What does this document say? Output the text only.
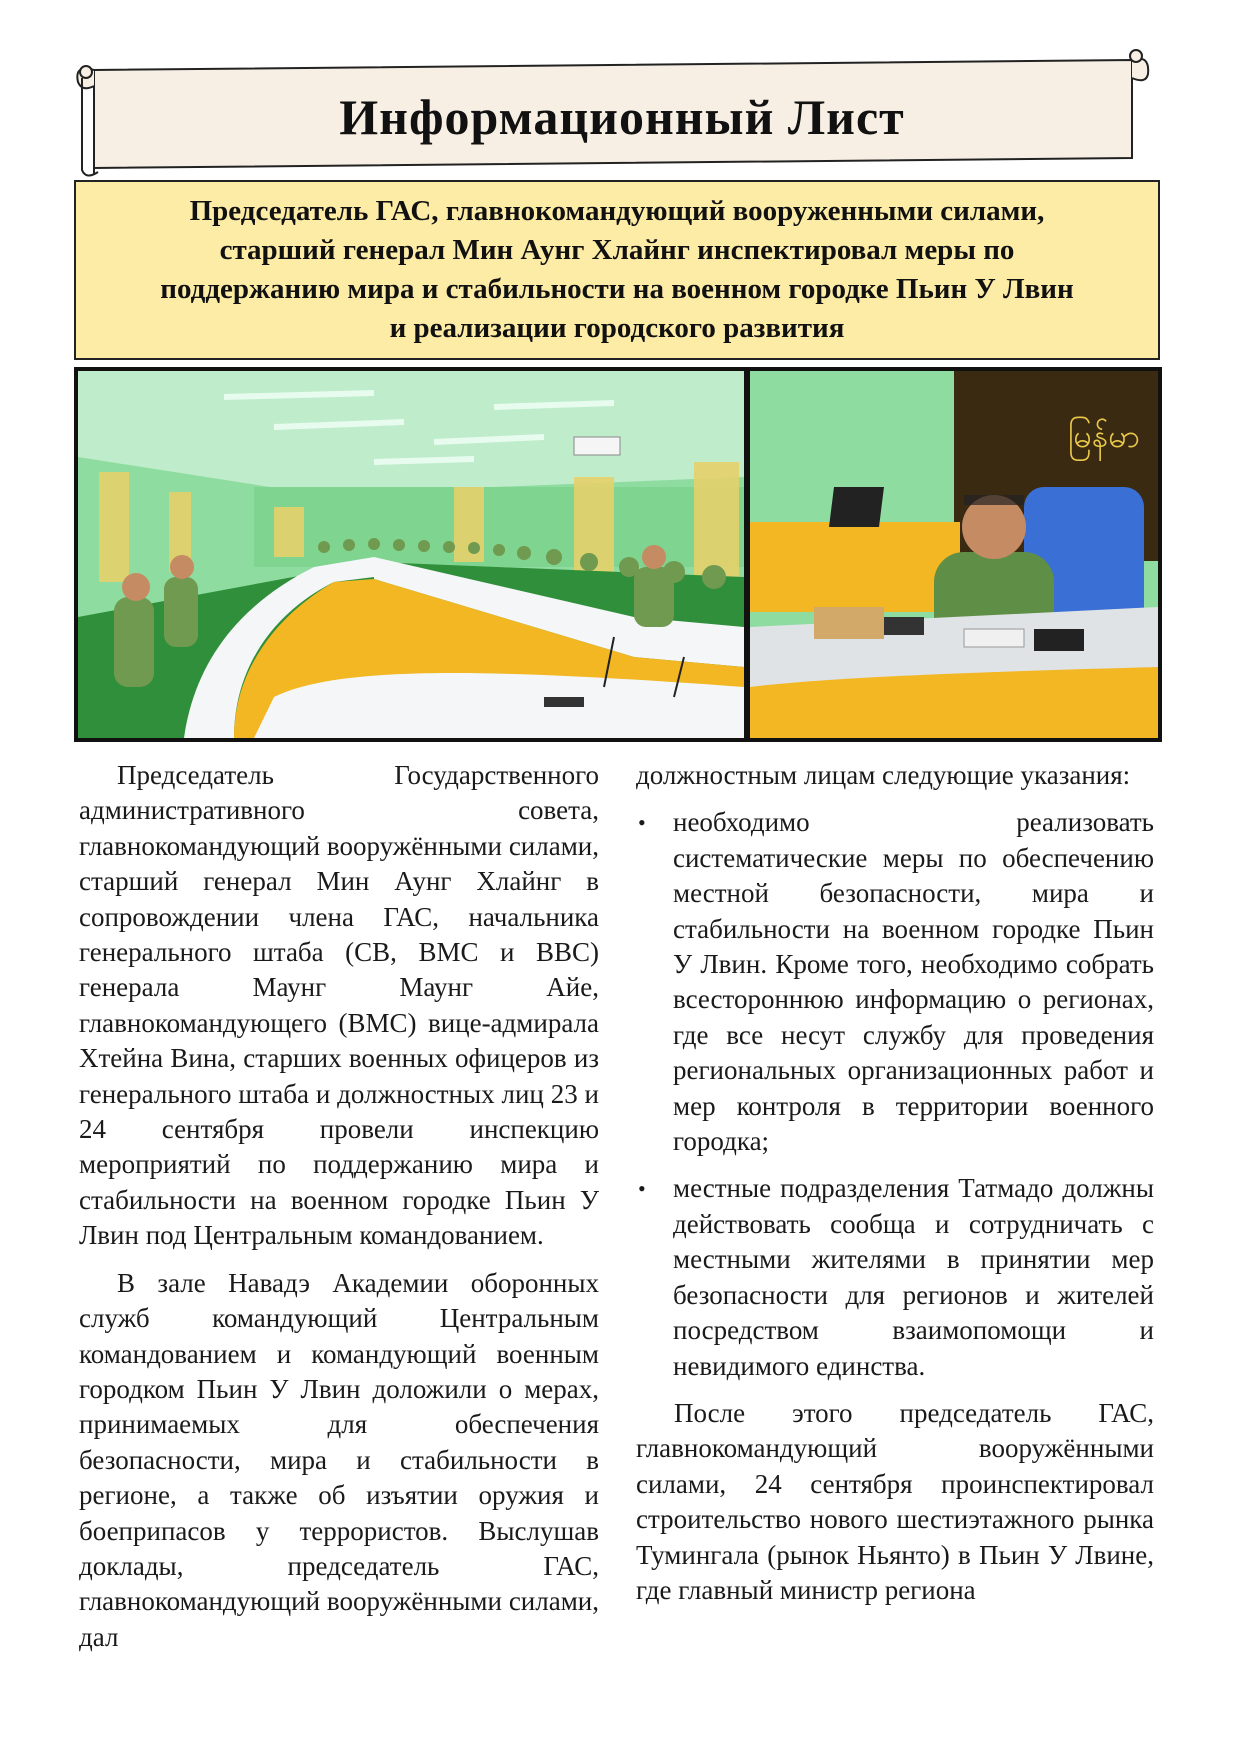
Информационный Лист

Председатель ГАС, главнокомандующий вооруженными силами,
старший генерал Мин Аунг Хлайнг инспектировал меры по
поддержанию мира и стабильности на военном городке Пьин У Лвин
и реализации городского развития

မြန်မာ

Председатель Государственного административного совета, главнокомандующий вооружёнными силами, старший генерал Мин Аунг Хлайнг в сопровождении члена ГАС, начальника генерального штаба (СВ, ВМС и ВВС) генерала Маунг Маунг Айе, главнокомандующего (ВМС) вице-адмирала Хтейна Вина, старших военных офицеров из генерального штаба и должностных лиц 23 и 24 сентября провели инспекцию мероприятий по поддержанию мира и стабильности на военном городке Пьин У Лвин под Центральным командованием.

В зале Навадэ Академии оборонных служб командующий Центральным командованием и командующий военным городком Пьин У Лвин доложили о мерах, принимаемых для обеспечения безопасности, мира и стабильности в регионе, а также об изъятии оружия и боеприпасов у террористов. Выслушав доклады, председатель ГАС, главнокомандующий вооружёнными силами, дал

должностным лицам следующие указания:

• необходимо реализовать систематические меры по обеспечению местной безопасности, мира и стабильности на военном городке Пьин У Лвин. Кроме того, необходимо собрать всестороннюю информацию о регионах, где все несут службу для проведения региональных организационных работ и мер контроля в территории военного городка;
• местные подразделения Татмадо должны действовать сообща и сотрудничать с местными жителями в принятии мер безопасности для регионов и жителей посредством взаимопомощи и невидимого единства.

После этого председатель ГАС, главнокомандующий вооружёнными силами, 24 сентября проинспектировал строительство нового шестиэтажного рынка Тумингала (рынок Ньянто) в Пьин У Лвине, где главный министр региона
